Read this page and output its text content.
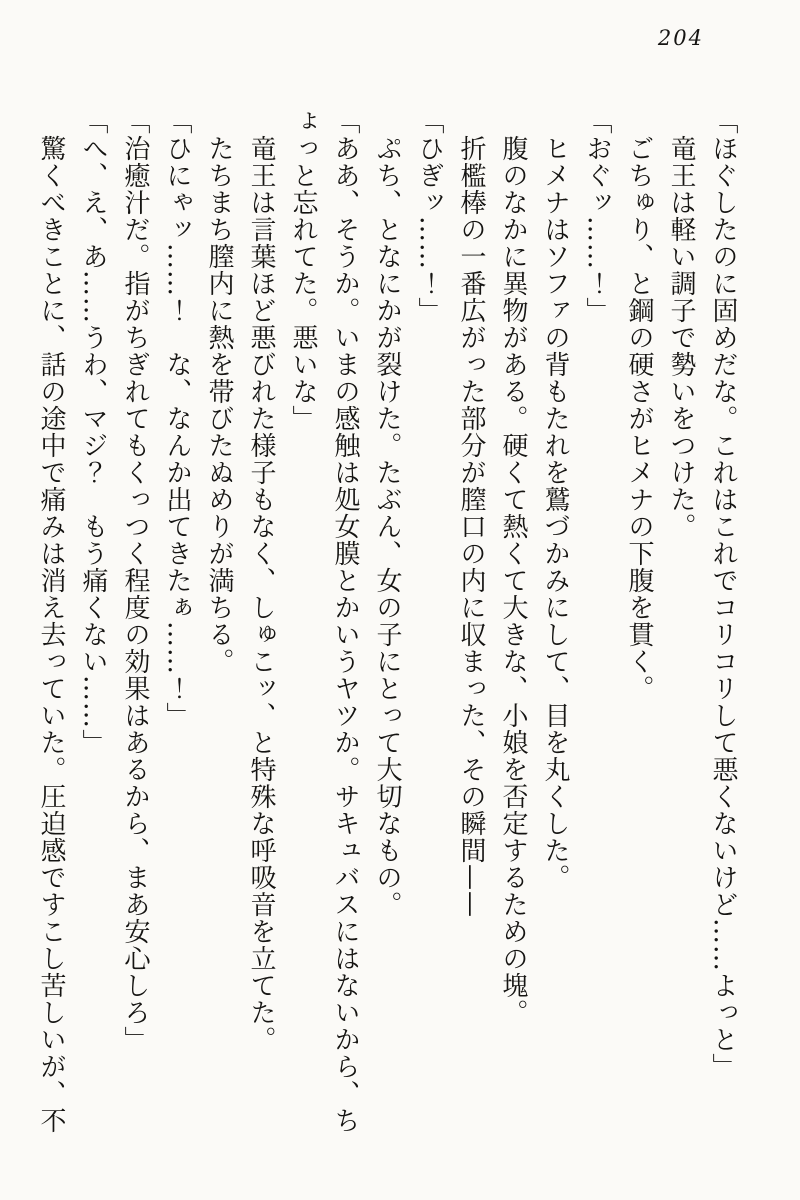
204

「ほぐしたのに固めだな。これはこれでコリコリして悪くないけど……よっと」

竜王は軽い調子で勢いをつけた。

ごちゅり、と鋼の硬さがヒメナの下腹を貫く。

「おぐッ……！」

ヒメナはソファの背もたれを鷲づかみにして、目を丸くした。

腹のなかに異物がある。硬くて熱くて大きな、小娘を否定するための塊。

折檻棒の一番広がった部分が膣口の内に収まった、その瞬間——

「ひぎッ……！」

ぷち、となにかが裂けた。たぶん、女の子にとって大切なもの。

「ああ、そうか。いまの感触は処女膜とかいうヤツか。サキュバスにはないから、ち

ょっと忘れてた。悪いな」

竜王は言葉ほど悪びれた様子もなく、しゅこッ、と特殊な呼吸音を立てた。

たちまち膣内に熱を帯びたぬめりが満ちる。

「ひにゃッ……！　な、なんか出てきたぁ……！」

「治癒汁だ。指がちぎれてもくっつく程度の効果はあるから、まあ安心しろ」

「へ、え、あ……うわ、マジ？　もう痛くない……」

驚くべきことに、話の途中で痛みは消え去っていた。圧迫感ですこし苦しいが、不
